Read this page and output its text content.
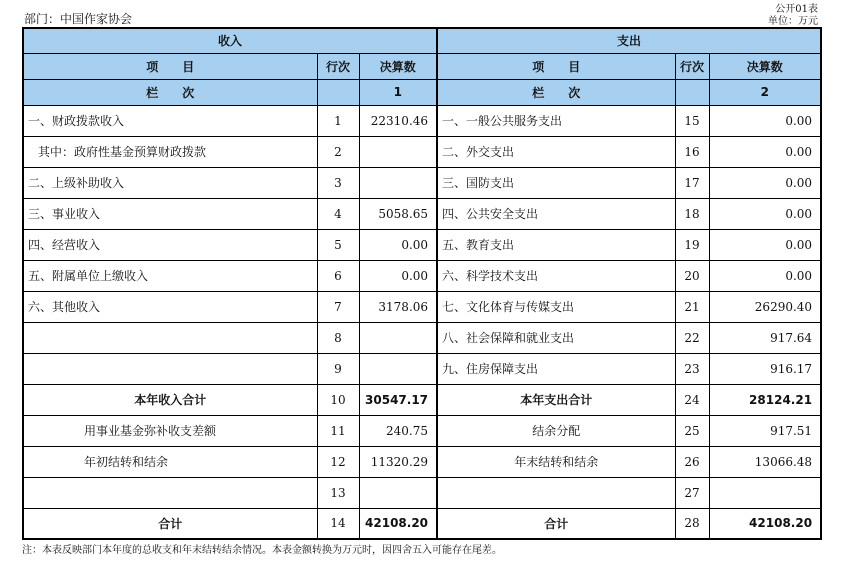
部门：中国作家协会
公开01表
单位：万元
收入			支出		
项　　目	行次	决算数	项　　目	行次	决算数
栏　　次		1	栏　　次		2
一、财政拨款收入	1	22310.46	一、一般公共服务支出	15	0.00
其中：政府性基金预算财政拨款	2		二、外交支出	16	0.00
二、上级补助收入	3		三、国防支出	17	0.00
三、事业收入	4	5058.65	四、公共安全支出	18	0.00
四、经营收入	5	0.00	五、教育支出	19	0.00
五、附属单位上缴收入	6	0.00	六、科学技术支出	20	0.00
六、其他收入	7	3178.06	七、文化体育与传媒支出	21	26290.40
	8		八、社会保障和就业支出	22	917.64
	9		九、住房保障支出	23	916.17
本年收入合计	10	30547.17	本年支出合计	24	28124.21
用事业基金弥补收支差额	11	240.75	结余分配	25	917.51
年初结转和结余	12	11320.29	年末结转和结余	26	13066.48
	13			27	
合计	14	42108.20	合计	28	42108.20
注：本表反映部门本年度的总收支和年末结转结余情况。本表金额转换为万元时，因四舍五入可能存在尾差。
